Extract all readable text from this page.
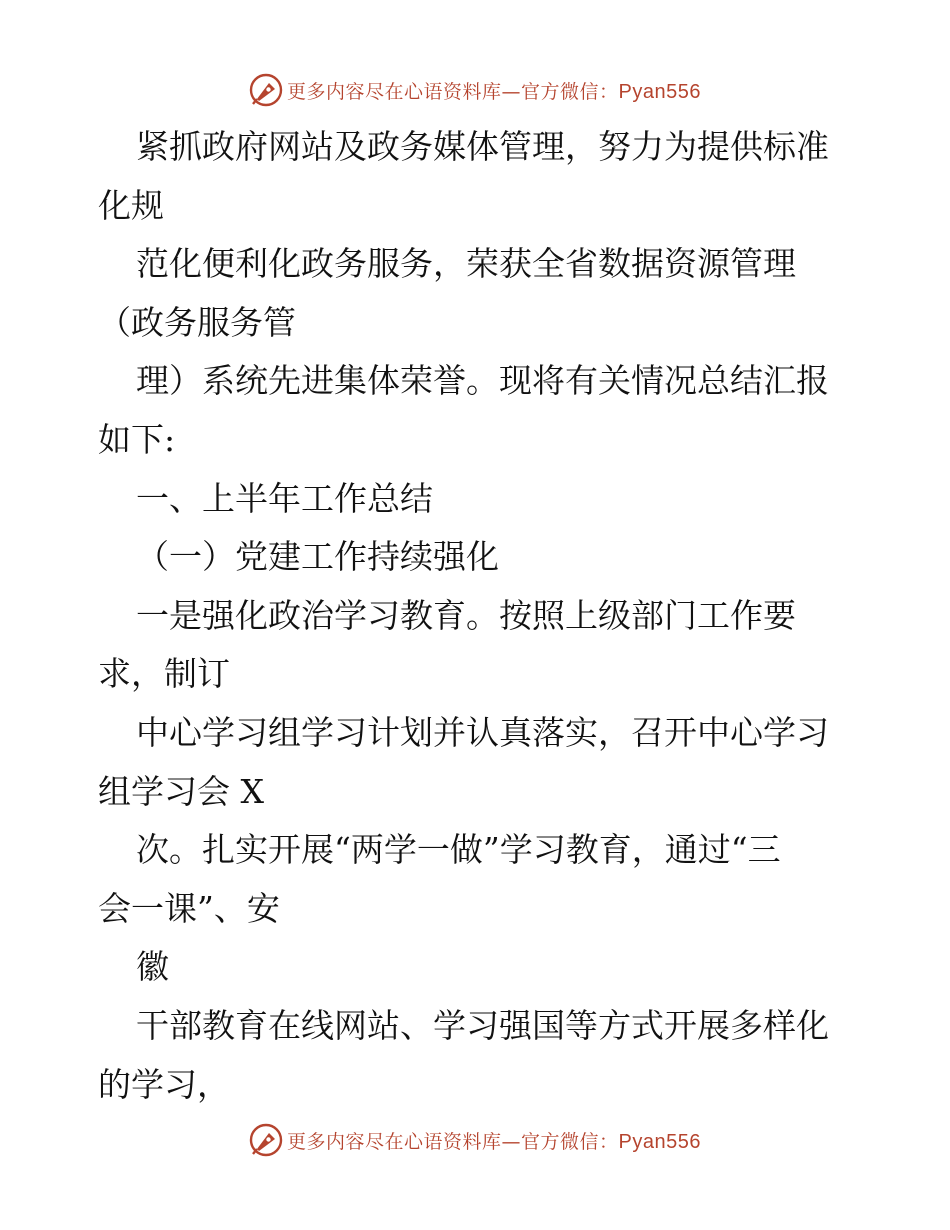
更多内容尽在心语资料库—官方微信：Pyan556
紧抓政府网站及政务媒体管理，努力为提供标准
化规
范化便利化政务服务，荣获全省数据资源管理
（政务服务管
理）系统先进集体荣誉。现将有关情况总结汇报
如下:
一、上半年工作总结
（一）党建工作持续强化
一是强化政治学习教育。按照上级部门工作要
求，制订
中心学习组学习计划并认真落实，召开中心学习
组学习会 X
次。扎实开展“两学一做”学习教育，通过“三
会一课”、安
徽
干部教育在线网站、学习强国等方式开展多样化
的学习，
更多内容尽在心语资料库—官方微信：Pyan556
